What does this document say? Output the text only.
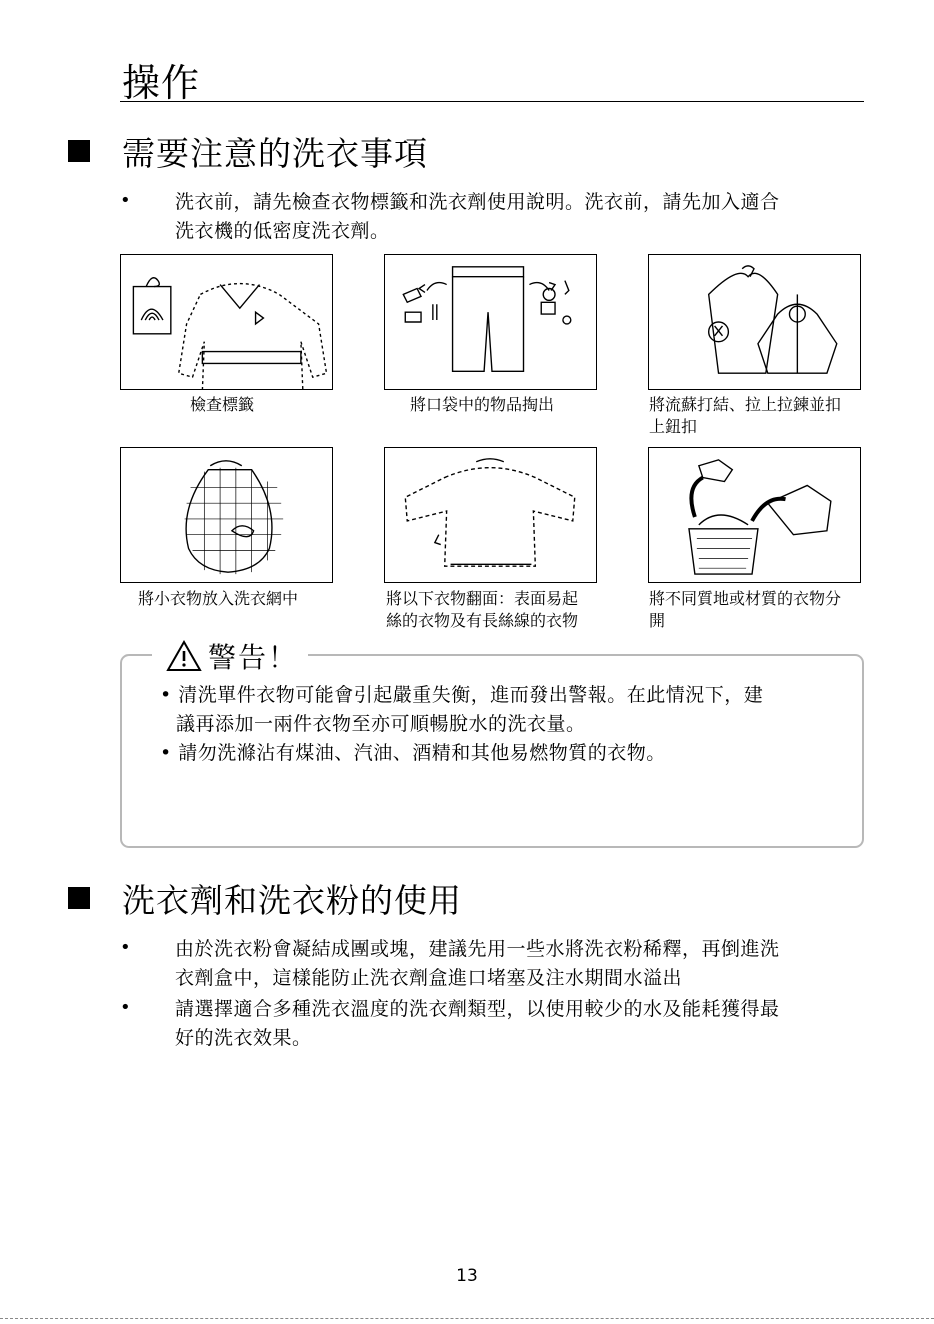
操作
需要注意的洗衣事項
• 洗衣前，請先檢查衣物標籤和洗衣劑使用說明。洗衣前，請先加入適合
洗衣機的低密度洗衣劑。
檢查標籤	將口袋中的物品掏出	將流蘇打結、拉上拉鍊並扣
上鈕扣
將小衣物放入洗衣網中	將以下衣物翻面：表面易起
絲的衣物及有長絲線的衣物
將不同質地或材質的衣物分
開
警告！
• 清洗單件衣物可能會引起嚴重失衡，進而發出警報。在此情況下，建
議再添加一兩件衣物至亦可順暢脫水的洗衣量。
• 請勿洗滌沾有煤油、汽油、酒精和其他易燃物質的衣物。
洗衣劑和洗衣粉的使用
• 由於洗衣粉會凝結成團或塊，建議先用一些水將洗衣粉稀釋，再倒進洗
衣劑盒中，這樣能防止洗衣劑盒進口堵塞及注水期間水溢出
• 請選擇適合多種洗衣溫度的洗衣劑類型，以使用較少的水及能耗獲得最
好的洗衣效果。
13
